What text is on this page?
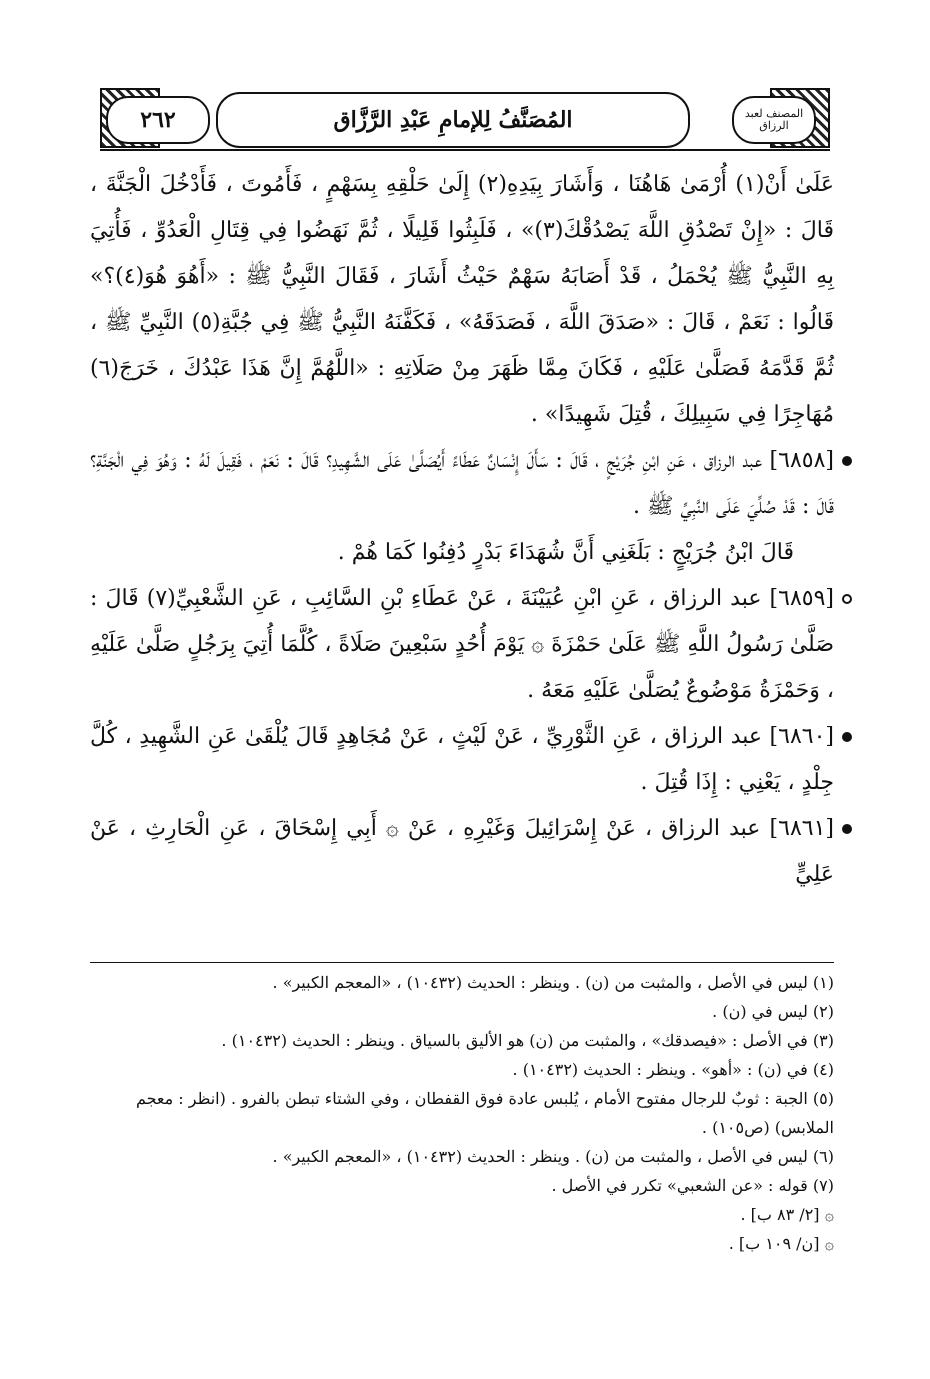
٢٦٢	المُصَنَّفُ لِلإمامِ عَبْدِ الرَّزَّاق	المصنف لعبد الرزاق

عَلَىٰ أَنْ(١) أُرْمَىٰ هَاهُنَا ، وَأَشَارَ بِيَدِهِ(٢) إِلَىٰ حَلْقِهِ بِسَهْمٍ ، فَأَمُوتَ ، فَأَدْخُلَ الْجَنَّةَ ، قَالَ : «إِنْ تَصْدُقِ اللَّهَ يَصْدُقْكَ(٣)» ، فَلَبِثُوا قَلِيلًا ، ثُمَّ نَهَضُوا فِي قِتَالِ الْعَدُوِّ ، فَأُتِيَ بِهِ النَّبِيُّ ﷺ يُحْمَلُ ، قَدْ أَصَابَهُ سَهْمٌ حَيْثُ أَشَارَ ، فَقَالَ النَّبِيُّ ﷺ : «أَهُوَ هُوَ(٤)؟» قَالُوا : نَعَمْ ، قَالَ : «صَدَقَ اللَّهَ ، فَصَدَقَهُ» ، فَكَفَّنَهُ النَّبِيُّ ﷺ فِي جُبَّةِ(٥) النَّبِيِّ ﷺ ، ثُمَّ قَدَّمَهُ فَصَلَّىٰ عَلَيْهِ ، فَكَانَ مِمَّا ظَهَرَ مِنْ صَلَاتِهِ : «اللَّهُمَّ إِنَّ هَذَا عَبْدُكَ ، خَرَجَ(٦) مُهَاجِرًا فِي سَبِيلِكَ ، قُتِلَ شَهِيدًا» .

[٦٨٥٨] عبد الرزاق ، عَنِ ابْنِ جُرَيْجٍ ، قَالَ : سَأَلَ إِنْسَانٌ عَطَاءً أَيُصَلَّىٰ عَلَى الشَّهِيدِ؟ قَالَ : نَعَمْ ، فَقِيلَ لَهُ : وَهُوَ فِي الْجَنَّةِ؟ قَالَ : قَدْ صُلِّيَ عَلَى النَّبِيِّ ﷺ .

قَالَ ابْنُ جُرَيْجٍ : بَلَغَنِي أَنَّ شُهَدَاءَ بَدْرٍ دُفِنُوا كَمَا هُمْ .

[٦٨٥٩] عبد الرزاق ، عَنِ ابْنِ عُيَيْنَةَ ، عَنْ عَطَاءِ بْنِ السَّائِبِ ، عَنِ الشَّعْبِيِّ(٧) قَالَ : صَلَّىٰ رَسُولُ اللَّهِ ﷺ عَلَىٰ حَمْزَةَ ۞ يَوْمَ أُحُدٍ سَبْعِينَ صَلَاةً ، كُلَّمَا أُتِيَ بِرَجُلٍ صَلَّىٰ عَلَيْهِ ، وَحَمْزَةُ مَوْضُوعٌ يُصَلَّىٰ عَلَيْهِ مَعَهُ .

[٦٨٦٠] عبد الرزاق ، عَنِ الثَّوْرِيِّ ، عَنْ لَيْثٍ ، عَنْ مُجَاهِدٍ قَالَ يُلْقَىٰ عَنِ الشَّهِيدِ ، كُلَّ جِلْدٍ ، يَعْنِي : إِذَا قُتِلَ .

[٦٨٦١] عبد الرزاق ، عَنْ إِسْرَائِيلَ وَغَيْرِهِ ، عَنْ ۞ أَبِي إِسْحَاقَ ، عَنِ الْحَارِثِ ، عَنْ عَلِيٍّ

(١) ليس في الأصل ، والمثبت من (ن) . وينظر : الحديث (١٠٤٣٢) ، «المعجم الكبير» .

(٢) ليس في (ن) .

(٣) في الأصل : «فيصدقك» ، والمثبت من (ن) هو الأليق بالسياق . وينظر : الحديث (١٠٤٣٢) .

(٤) في (ن) : «أهو» . وينظر : الحديث (١٠٤٣٢) .

(٥) الجبة : ثوبٌ للرجال مفتوح الأمام ، يُلبس عادة فوق القفطان ، وفي الشتاء تبطن بالفرو . (انظر : معجم الملابس) (ص١٠٥) .

(٦) ليس في الأصل ، والمثبت من (ن) . وينظر : الحديث (١٠٤٣٢) ، «المعجم الكبير» .

(٧) قوله : «عن الشعبي» تكرر في الأصل .

۞ [٢/ ٨٣ ب] .

۞ [ن/ ١٠٩ ب] .
